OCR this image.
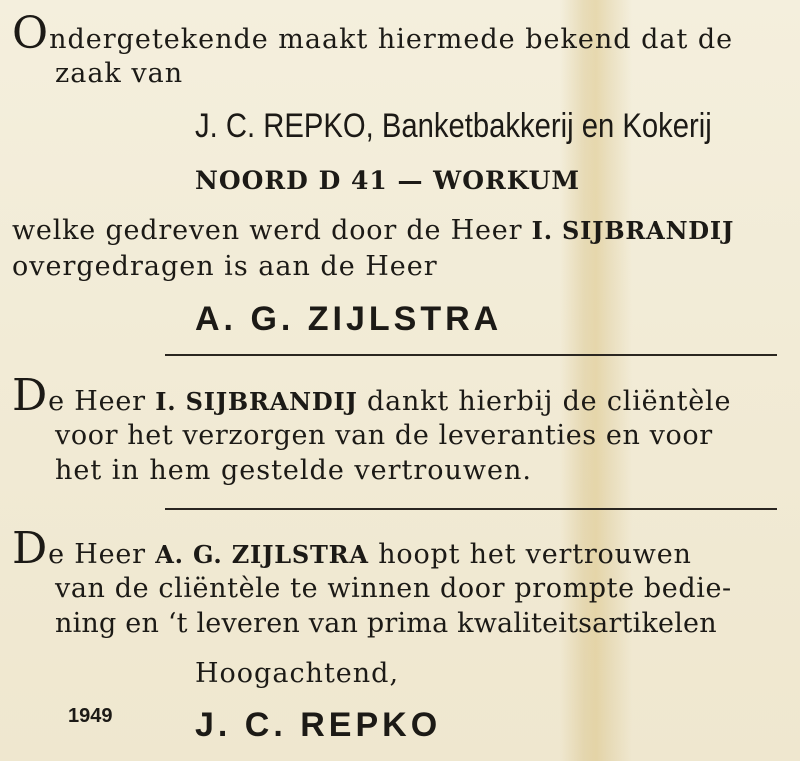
Ondergetekende maakt hiermede bekend dat de
zaak van
J. C. REPKO, Banketbakkerij en Kokerij
NOORD D 41 — WORKUM
welke gedreven werd door de Heer I. SIJBRANDIJ
overgedragen is aan de Heer
A. G. ZIJLSTRA
De Heer I. SIJBRANDIJ dankt hierbij de cliëntèle
voor het verzorgen van de leveranties en voor
het in hem gestelde vertrouwen.
De Heer A. G. ZIJLSTRA hoopt het vertrouwen
van de cliëntèle te winnen door prompte bedie-
ning en ‘t leveren van prima kwaliteitsartikelen
Hoogachtend,
1949 J. C. REPKO
